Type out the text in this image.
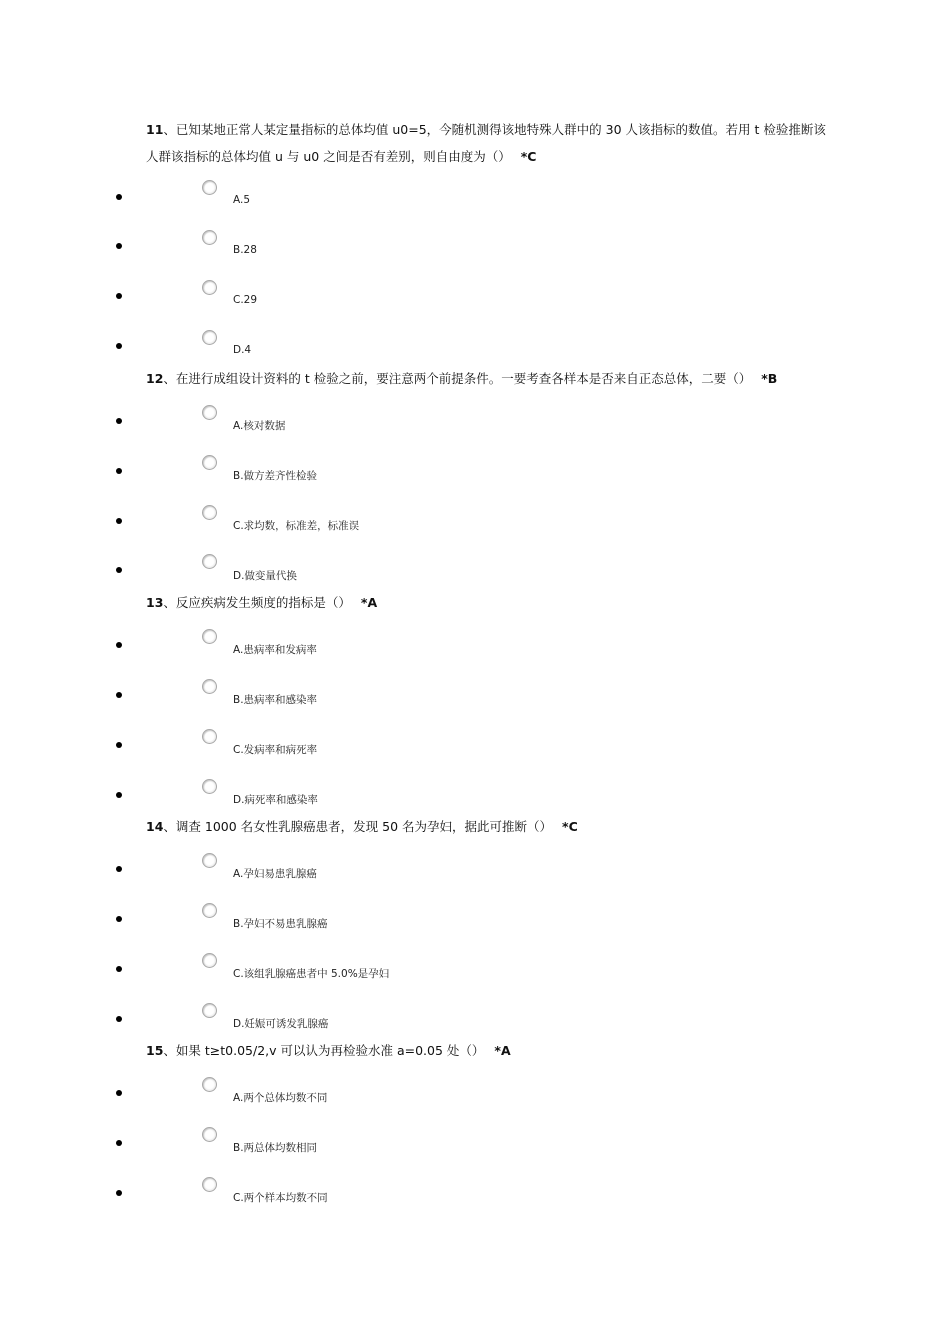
11、已知某地正常人某定量指标的总体均值 u0=5，今随机测得该地特殊人群中的 30 人该指标的数值。若用 t 检验推断该人群该指标的总体均值 u 与 u0 之间是否有差别，则自由度为（） *C
A.5
B.28
C.29
D.4
12、在进行成组设计资料的 t 检验之前，要注意两个前提条件。一要考查各样本是否来自正态总体，二要（） *B
A.核对数据
B.做方差齐性检验
C.求均数，标准差，标准误
D.做变量代换
13、反应疾病发生频度的指标是（） *A
A.患病率和发病率
B.患病率和感染率
C.发病率和病死率
D.病死率和感染率
14、调查 1000 名女性乳腺癌患者，发现 50 名为孕妇，据此可推断（） *C
A.孕妇易患乳腺癌
B.孕妇不易患乳腺癌
C.该组乳腺癌患者中 5.0%是孕妇
D.妊娠可诱发乳腺癌
15、如果 t≥t0.05/2,v 可以认为再检验水准 a=0.05 处（） *A
A.两个总体均数不同
B.两总体均数相同
C.两个样本均数不同
